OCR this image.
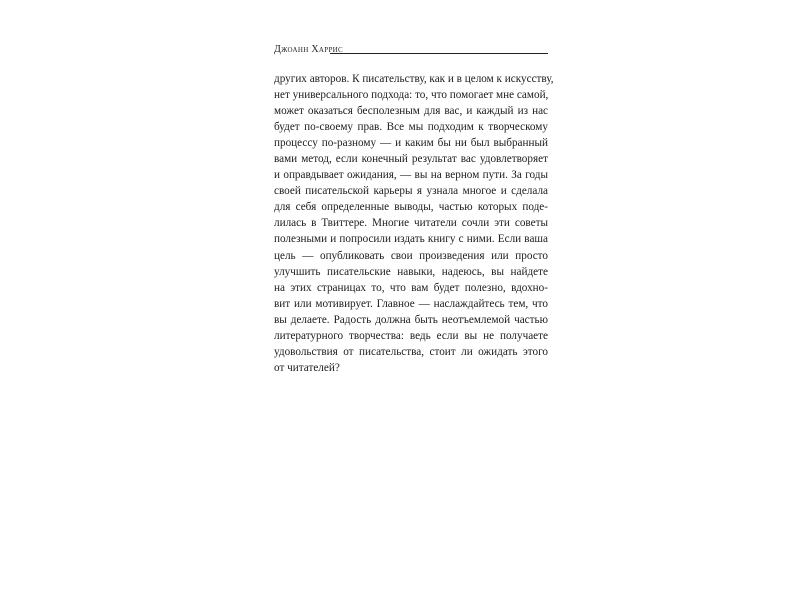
Джоанн Харрис
других авторов. К писательству, как и в целом к искусству,
нет универсального подхода: то, что помогает мне самой,
может оказаться бесполезным для вас, и каждый из нас
будет по-своему прав. Все мы подходим к творческому
процессу по-разному — и каким бы ни был выбранный
вами метод, если конечный результат вас удовлетворяет
и оправдывает ожидания, — вы на верном пути. За годы
своей писательской карьеры я узнала многое и сделала
для себя определенные выводы, частью которых поде-
лилась в Твиттере. Многие читатели сочли эти советы
полезными и попросили издать книгу с ними. Если ваша
цель — опубликовать свои произведения или просто
улучшить писательские навыки, надеюсь, вы найдете
на этих страницах то, что вам будет полезно, вдохно-
вит или мотивирует. Главное — наслаждайтесь тем, что
вы делаете. Радость должна быть неотъемлемой частью
литературного творчества: ведь если вы не получаете
удовольствия от писательства, стоит ли ожидать этого
от читателей?
